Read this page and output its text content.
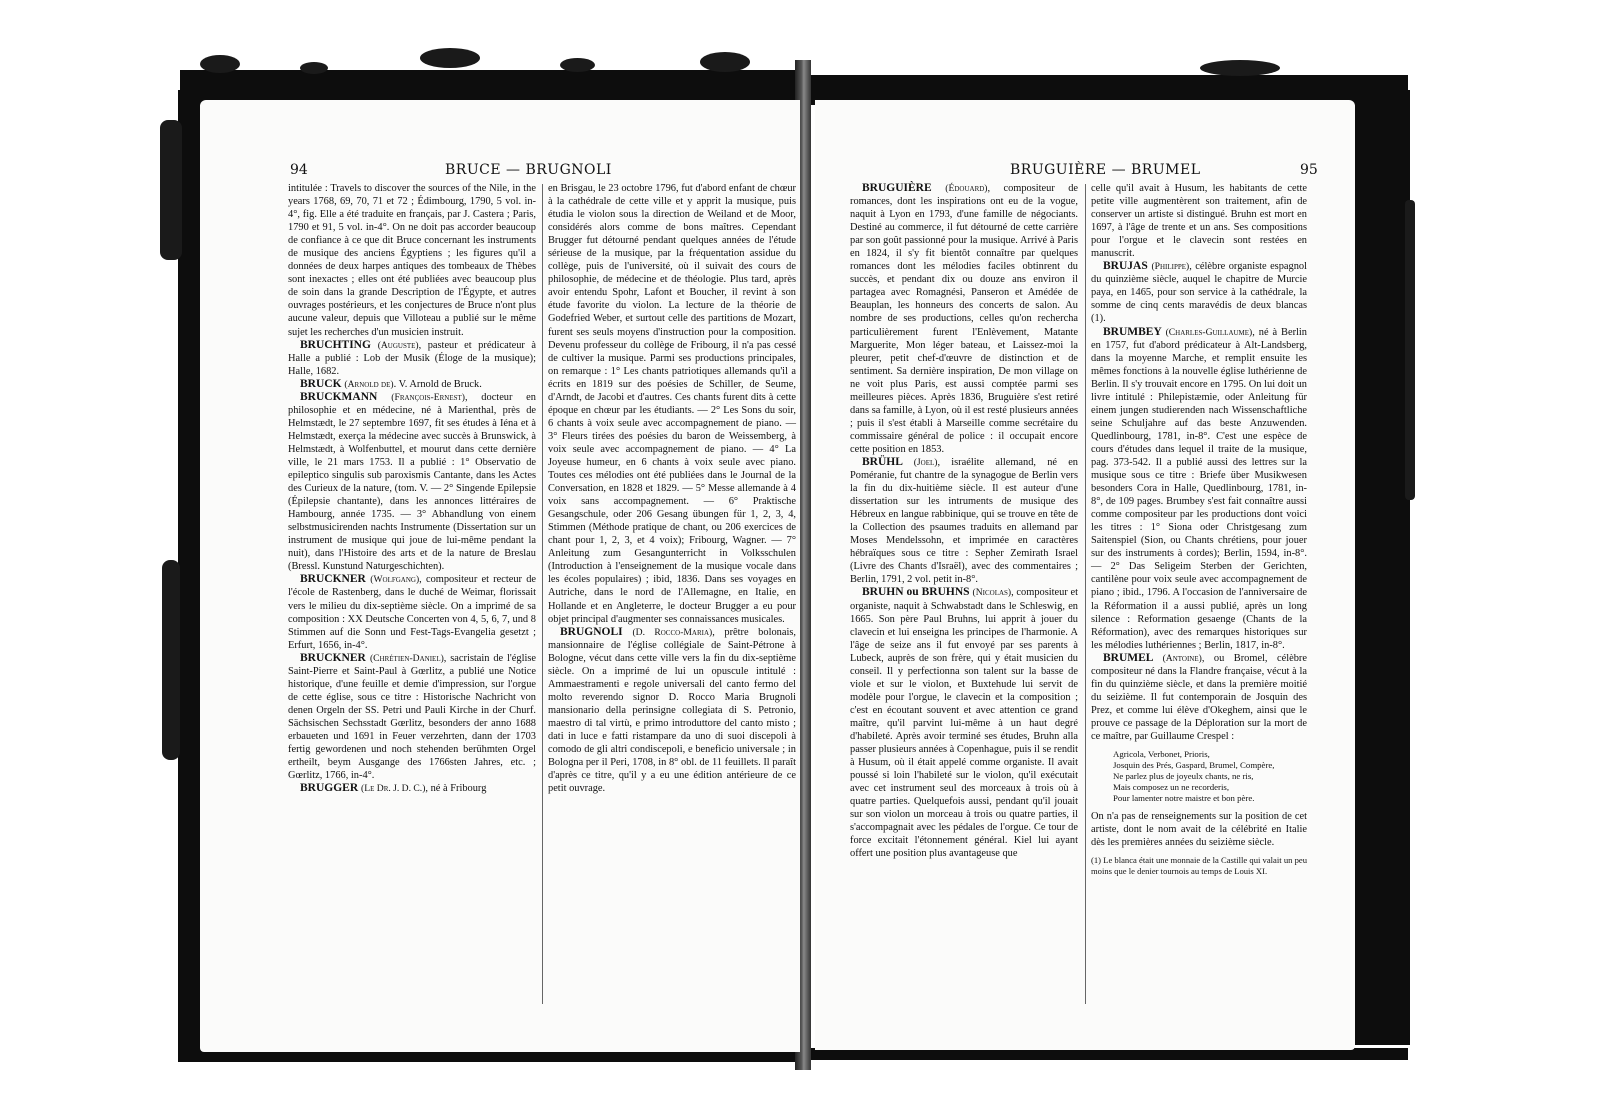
94	BRUCE — BRUGNOLI

intitulée : Travels to discover the sources of the Nile, in the years 1768, 69, 70, 71 et 72 ; Édimbourg, 1790, 5 vol. in-4°, fig. Elle a été traduite en français, par J. Castera ; Paris, 1790 et 91, 5 vol. in-4°. On ne doit pas accorder beaucoup de confiance à ce que dit Bruce concernant les instruments de musique des anciens Égyptiens ; les figures qu'il a données de deux harpes antiques des tombeaux de Thèbes sont inexactes ; elles ont été publiées avec beaucoup plus de soin dans la grande Description de l'Égypte, et autres ouvrages postérieurs, et les conjectures de Bruce n'ont plus aucune valeur, depuis que Villoteau a publié sur le même sujet les recherches d'un musicien instruit.

BRUCHTING (Auguste), pasteur et prédicateur à Halle a publié : Lob der Musik (Éloge de la musique); Halle, 1682.

BRUCK (Arnold de). V. Arnold de Bruck.

BRUCKMANN (François-Ernest), docteur en philosophie et en médecine, né à Marienthal, près de Helmstædt, le 27 septembre 1697, fit ses études à Iéna et à Helmstædt, exerça la médecine avec succès à Brunswick, à Helmstædt, à Wolfenbuttel, et mourut dans cette dernière ville, le 21 mars 1753. Il a publié : 1° Observatio de epileptico singulis sub paroxismis Cantante, dans les Actes des Curieux de la nature, (tom. V. — 2° Singende Epilepsie (Épilepsie chantante), dans les annonces littéraires de Hambourg, année 1735. — 3° Abhandlung von einem selbstmusicirenden nachts Instrumente (Dissertation sur un instrument de musique qui joue de lui-même pendant la nuit), dans l'Histoire des arts et de la nature de Breslau (Bressl. Kunstund Naturgeschichten).

BRUCKNER (Wolfgang), compositeur et recteur de l'école de Rastenberg, dans le duché de Weimar, florissait vers le milieu du dix-septième siècle. On a imprimé de sa composition : XX Deutsche Concerten von 4, 5, 6, 7, und 8 Stimmen auf die Sonn und Fest-Tags-Evangelia gesetzt ; Erfurt, 1656, in-4°.

BRUCKNER (Chrétien-Daniel), sacristain de l'église Saint-Pierre et Saint-Paul à Gœrlitz, a publié une Notice historique, d'une feuille et demie d'impression, sur l'orgue de cette église, sous ce titre : Historische Nachricht von denen Orgeln der SS. Petri und Pauli Kirche in der Churf. Sächsischen Sechsstadt Gœrlitz, besonders der anno 1688 erbaueten und 1691 in Feuer verzehrten, dann der 1703 fertig gewordenen und noch stehenden berühmten Orgel ertheilt, beym Ausgange des 1766sten Jahres, etc. ; Gœrlitz, 1766, in-4°.

BRUGGER (Le Dr. J. D. C.), né à Fribourg

en Brisgau, le 23 octobre 1796, fut d'abord enfant de chœur à la cathédrale de cette ville et y apprit la musique, puis étudia le violon sous la direction de Weiland et de Moor, considérés alors comme de bons maîtres. Cependant Brugger fut détourné pendant quelques années de l'étude sérieuse de la musique, par la fréquentation assidue du collège, puis de l'université, où il suivait des cours de philosophie, de médecine et de théologie. Plus tard, après avoir entendu Spohr, Lafont et Boucher, il revint à son étude favorite du violon. La lecture de la théorie de Godefried Weber, et surtout celle des partitions de Mozart, furent ses seuls moyens d'instruction pour la composition. Devenu professeur du collège de Fribourg, il n'a pas cessé de cultiver la musique. Parmi ses productions principales, on remarque : 1° Les chants patriotiques allemands qu'il a écrits en 1819 sur des poésies de Schiller, de Seume, d'Arndt, de Jacobi et d'autres. Ces chants furent dits à cette époque en chœur par les étudiants. — 2° Les Sons du soir, 6 chants à voix seule avec accompagnement de piano. — 3° Fleurs tirées des poésies du baron de Weissemberg, à voix seule avec accompagnement de piano. — 4° La Joyeuse humeur, en 6 chants à voix seule avec piano. Toutes ces mélodies ont été publiées dans le Journal de la Conversation, en 1828 et 1829. — 5° Messe allemande à 4 voix sans accompagnement. — 6° Praktische Gesangschule, oder 206 Gesang übungen für 1, 2, 3, 4, Stimmen (Méthode pratique de chant, ou 206 exercices de chant pour 1, 2, 3, et 4 voix); Fribourg, Wagner. — 7° Anleitung zum Gesangunterricht in Volksschulen (Introduction à l'enseignement de la musique vocale dans les écoles populaires) ; ibid, 1836. Dans ses voyages en Autriche, dans le nord de l'Allemagne, en Italie, en Hollande et en Angleterre, le docteur Brugger a eu pour objet principal d'augmenter ses connaissances musicales.

BRUGNOLI (D. Rocco-Maria), prêtre bolonais, mansionnaire de l'église collégiale de Saint-Pétrone à Bologne, vécut dans cette ville vers la fin du dix-septième siècle. On a imprimé de lui un opuscule intitulé : Ammaestramenti e regole universali del canto fermo del molto reverendo signor D. Rocco Maria Brugnoli mansionario della perinsigne collegiata di S. Petronio, maestro di tal virtù, e primo introduttore del canto misto ; dati in luce e fatti ristampare da uno di suoi discepoli à comodo de gli altri condiscepoli, e beneficio universale ; in Bologna per il Peri, 1708, in 8° obl. de 11 feuillets. Il paraît d'après ce titre, qu'il y a eu une édition antérieure de ce petit ouvrage.

BRUGUIÈRE — BRUMEL	95

BRUGUIÈRE (Édouard), compositeur de romances, dont les inspirations ont eu de la vogue, naquit à Lyon en 1793, d'une famille de négociants. Destiné au commerce, il fut détourné de cette carrière par son goût passionné pour la musique. Arrivé à Paris en 1824, il s'y fit bientôt connaître par quelques romances dont les mélodies faciles obtinrent du succès, et pendant dix ou douze ans environ il partagea avec Romagnési, Panseron et Amédée de Beauplan, les honneurs des concerts de salon. Au nombre de ses productions, celles qu'on rechercha particulièrement furent l'Enlèvement, Matante Marguerite, Mon léger bateau, et Laissez-moi la pleurer, petit chef-d'œuvre de distinction et de sentiment. Sa dernière inspiration, De mon village on ne voit plus Paris, est aussi comptée parmi ses meilleures pièces. Après 1836, Bruguière s'est retiré dans sa famille, à Lyon, où il est resté plusieurs années ; puis il s'est établi à Marseille comme secrétaire du commissaire général de police : il occupait encore cette position en 1853.

BRÜHL (Joel), israélite allemand, né en Poméranie, fut chantre de la synagogue de Berlin vers la fin du dix-huitième siècle. Il est auteur d'une dissertation sur les intruments de musique des Hébreux en langue rabbinique, qui se trouve en tête de la Collection des psaumes traduits en allemand par Moses Mendelssohn, et imprimée en caractères hébraïques sous ce titre : Sepher Zemirath Israel (Livre des Chants d'Israël), avec des commentaires ; Berlin, 1791, 2 vol. petit in-8°.

BRUHN ou BRUHNS (Nicolas), compositeur et organiste, naquit à Schwabstadt dans le Schleswig, en 1665. Son père Paul Bruhns, lui apprit à jouer du clavecin et lui enseigna les principes de l'harmonie. A l'âge de seize ans il fut envoyé par ses parents à Lubeck, auprès de son frère, qui y était musicien du conseil. Il y perfectionna son talent sur la basse de viole et sur le violon, et Buxtehude lui servit de modèle pour l'orgue, le clavecin et la composition ; c'est en écoutant souvent et avec attention ce grand maître, qu'il parvint lui-même à un haut degré d'habileté. Après avoir terminé ses études, Bruhn alla passer plusieurs années à Copenhague, puis il se rendit à Husum, où il était appelé comme organiste. Il avait poussé si loin l'habileté sur le violon, qu'il exécutait avec cet instrument seul des morceaux à trois où à quatre parties. Quelquefois aussi, pendant qu'il jouait sur son violon un morceau à trois ou quatre parties, il s'accompagnait avec les pédales de l'orgue. Ce tour de force excitait l'étonnement général. Kiel lui ayant offert une position plus avantageuse que

celle qu'il avait à Husum, les habitants de cette petite ville augmentèrent son traitement, afin de conserver un artiste si distingué. Bruhn est mort en 1697, à l'âge de trente et un ans. Ses compositions pour l'orgue et le clavecin sont restées en manuscrit.

BRUJAS (Philippe), célèbre organiste espagnol du quinzième siècle, auquel le chapitre de Murcie paya, en 1465, pour son service à la cathédrale, la somme de cinq cents maravédis de deux blancas (1).

BRUMBEY (Charles-Guillaume), né à Berlin en 1757, fut d'abord prédicateur à Alt-Landsberg, dans la moyenne Marche, et remplit ensuite les mêmes fonctions à la nouvelle église luthérienne de Berlin. Il s'y trouvait encore en 1795. On lui doit un livre intitulé : Philepistæmie, oder Anleitung für einem jungen studierenden nach Wissenschaftliche seine Schuljahre auf das beste Anzuwenden. Quedlinbourg, 1781, in-8°. C'est une espèce de cours d'études dans lequel il traite de la musique, pag. 373-542. Il a publié aussi des lettres sur la musique sous ce titre : Briefe über Musikwesen besonders Cora in Halle, Quedlinbourg, 1781, in-8°, de 109 pages. Brumbey s'est fait connaître aussi comme compositeur par les productions dont voici les titres : 1° Siona oder Christgesang zum Saitenspiel (Sion, ou Chants chrétiens, pour jouer sur des instruments à cordes); Berlin, 1594, in-8°. — 2° Das Seligeim Sterben der Gerichten, cantilène pour voix seule avec accompagnement de piano ; ibid., 1796. A l'occasion de l'anniversaire de la Réformation il a aussi publié, après un long silence : Reformation gesaenge (Chants de la Réformation), avec des remarques historiques sur les mélodies luthériennes ; Berlin, 1817, in-8°.

BRUMEL (Antoine), ou Bromel, célèbre compositeur né dans la Flandre française, vécut à la fin du quinzième siècle, et dans la première moitié du seizième. Il fut contemporain de Josquin des Prez, et comme lui élève d'Okeghem, ainsi que le prouve ce passage de la Déploration sur la mort de ce maître, par Guillaume Crespel :

Agricola, Verbonet, Prioris,
Josquin des Prés, Gaspard, Brumel, Compère,
Ne parlez plus de joyeulx chants, ne ris,
Mais composez un ne recorderis,
Pour lamenter notre maistre et bon père.

On n'a pas de renseignements sur la position de cet artiste, dont le nom avait de la célébrité en Italie dès les premières années du seizième siècle.

(1) Le blanca était une monnaie de la Castille qui valait un peu moins que le denier tournois au temps de Louis XI.
